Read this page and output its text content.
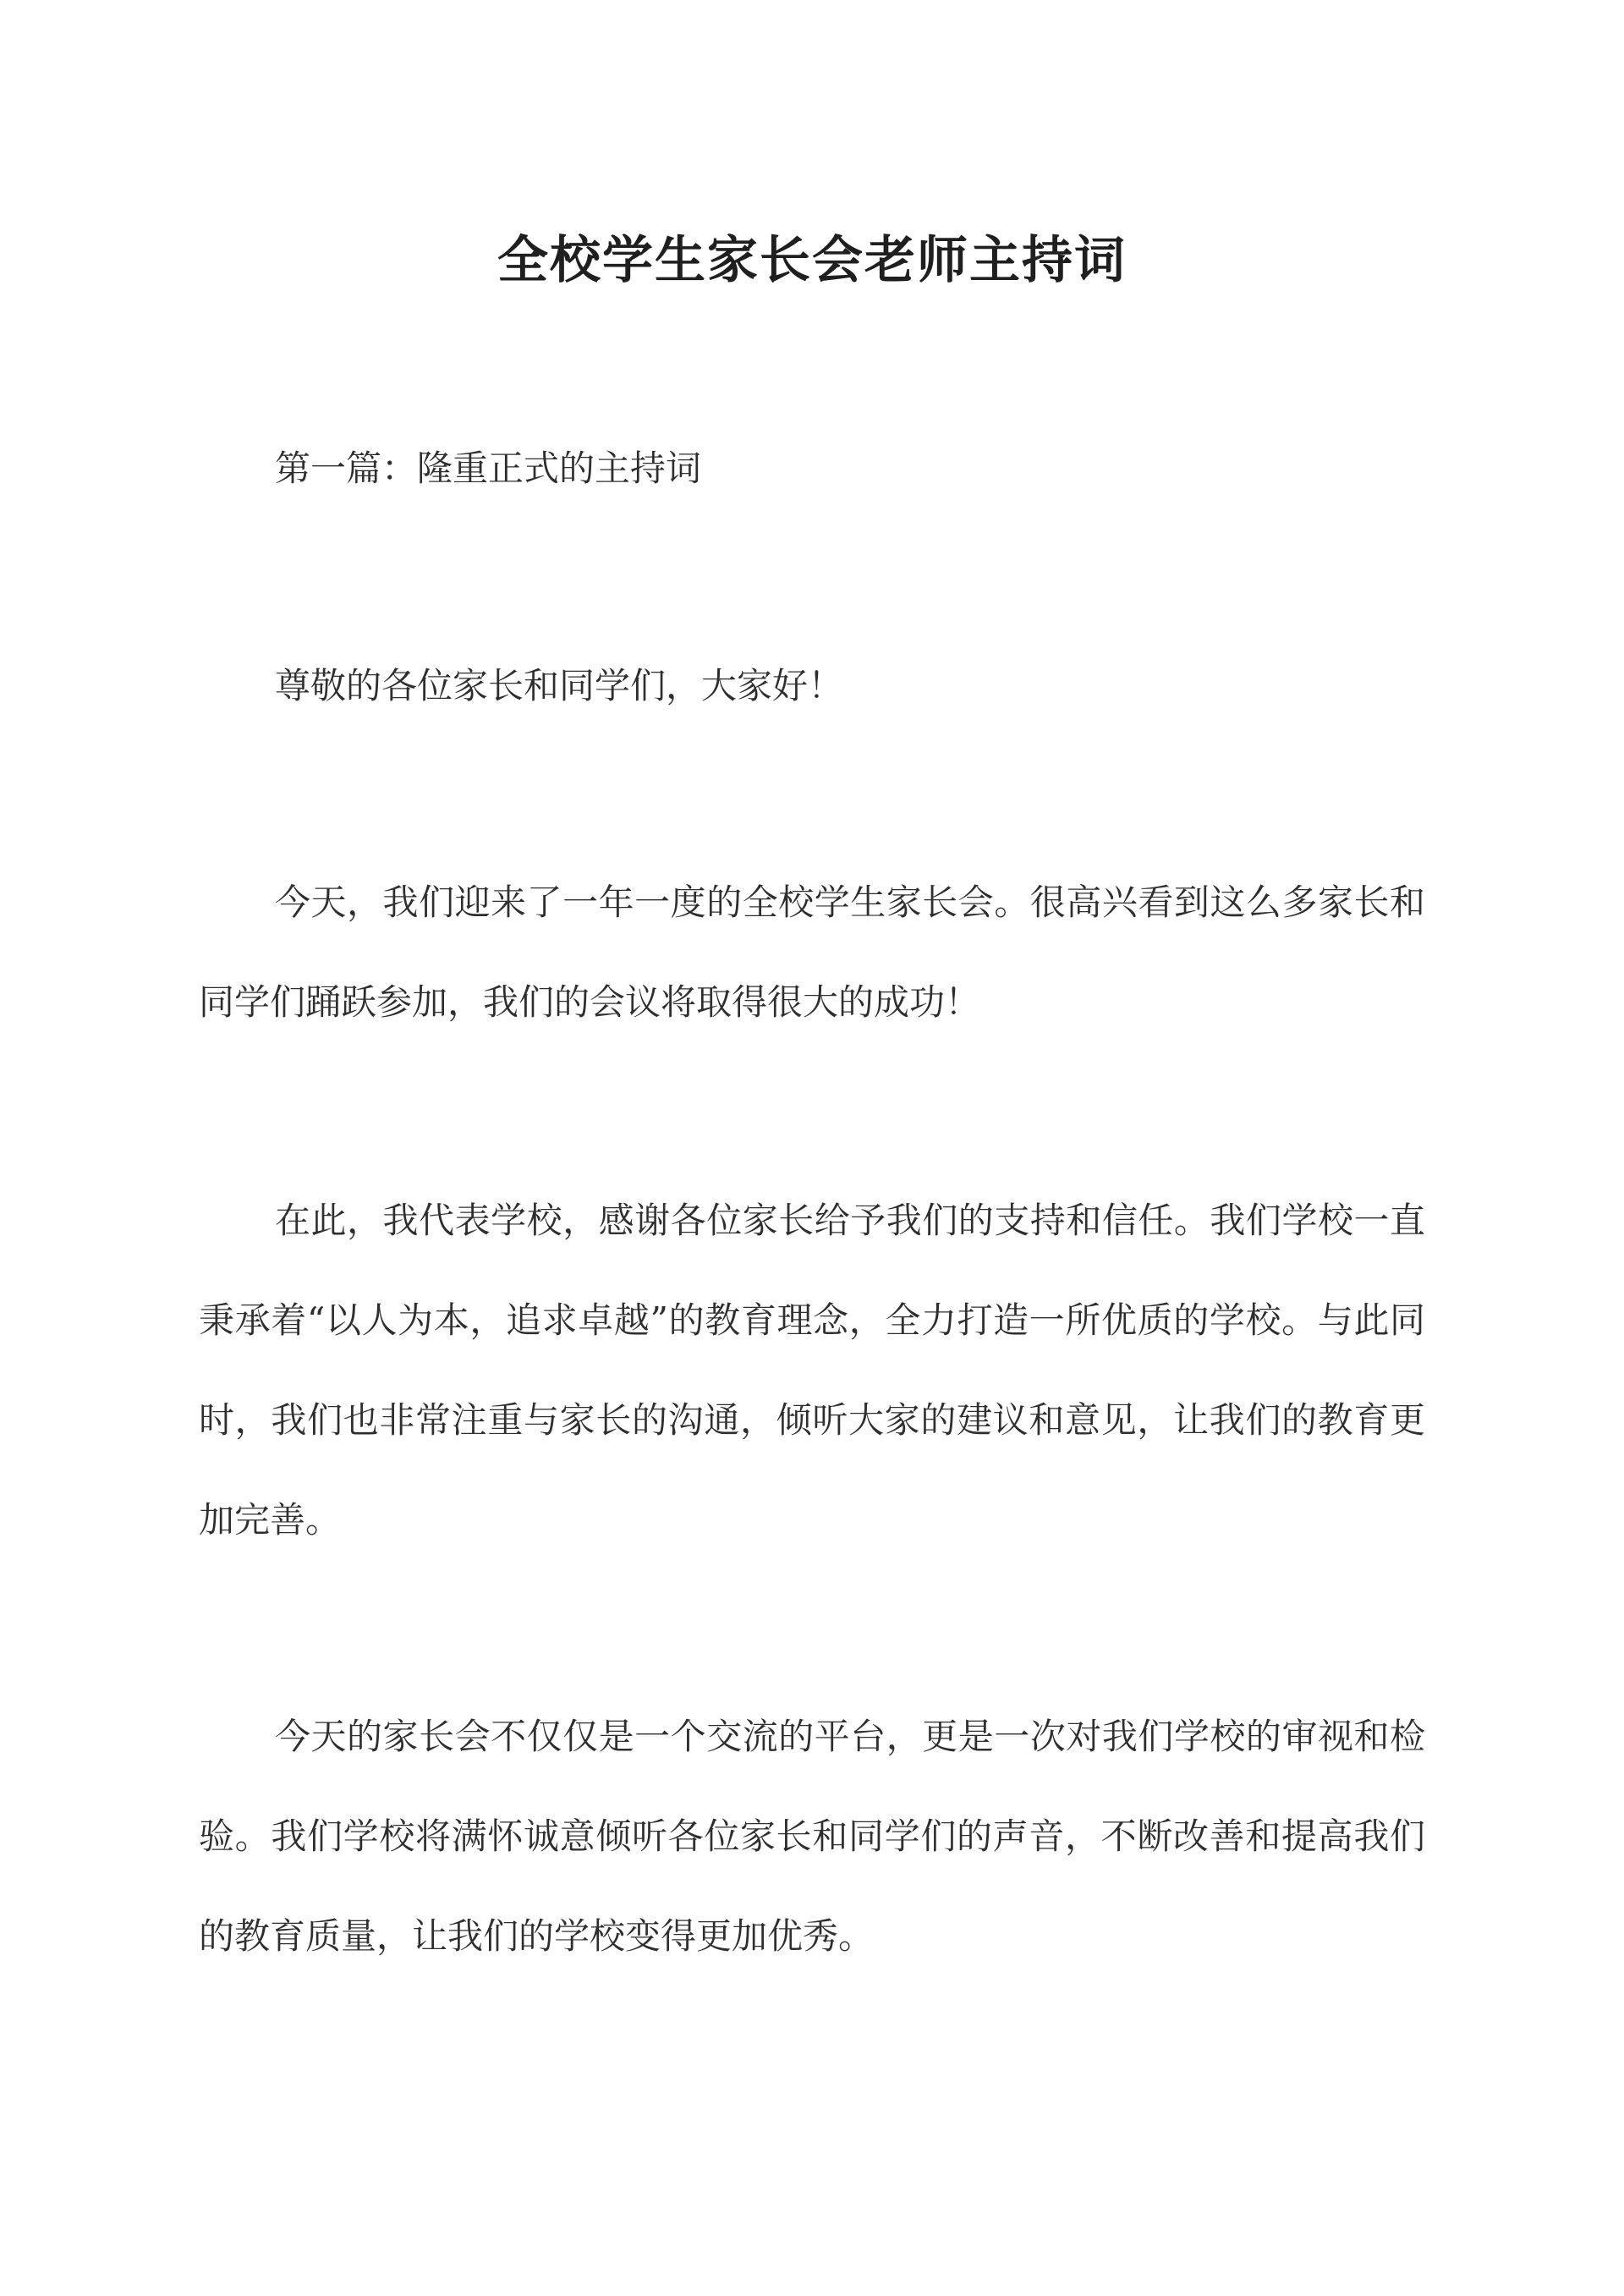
全校学生家长会老师主持词

第一篇：隆重正式的主持词

尊敬的各位家长和同学们，大家好！

今天，我们迎来了一年一度的全校学生家长会。很高兴看到这么多家长和同学们踊跃参加，我们的会议将取得很大的成功！

在此，我代表学校，感谢各位家长给予我们的支持和信任。我们学校一直秉承着“以人为本，追求卓越”的教育理念，全力打造一所优质的学校。与此同时，我们也非常注重与家长的沟通，倾听大家的建议和意见，让我们的教育更加完善。

今天的家长会不仅仅是一个交流的平台，更是一次对我们学校的审视和检验。我们学校将满怀诚意倾听各位家长和同学们的声音，不断改善和提高我们的教育质量，让我们的学校变得更加优秀。
